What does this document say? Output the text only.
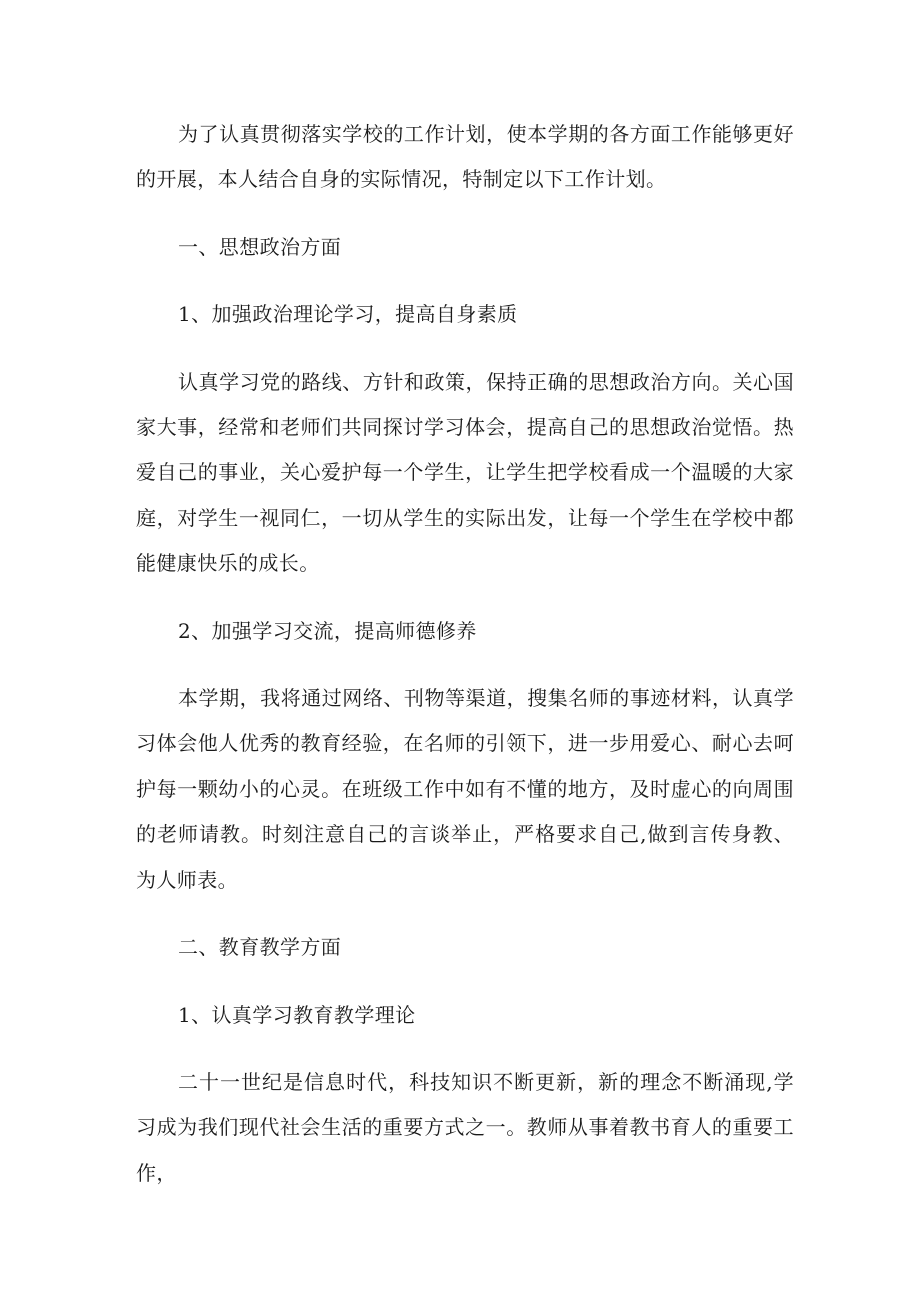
为了认真贯彻落实学校的工作计划，使本学期的各方面工作能够更好的开展，本人结合自身的实际情况，特制定以下工作计划。

一、思想政治方面

1、加强政治理论学习，提高自身素质

认真学习党的路线、方针和政策，保持正确的思想政治方向。关心国家大事，经常和老师们共同探讨学习体会，提高自己的思想政治觉悟。热爱自己的事业，关心爱护每一个学生，让学生把学校看成一个温暖的大家庭，对学生一视同仁，一切从学生的实际出发，让每一个学生在学校中都能健康快乐的成长。

2、加强学习交流，提高师德修养

本学期，我将通过网络、刊物等渠道，搜集名师的事迹材料，认真学习体会他人优秀的教育经验，在名师的引领下，进一步用爱心、耐心去呵护每一颗幼小的心灵。在班级工作中如有不懂的地方，及时虚心的向周围的老师请教。时刻注意自己的言谈举止，严格要求自己,做到言传身教、为人师表。

二、教育教学方面

1、认真学习教育教学理论

二十一世纪是信息时代，科技知识不断更新，新的理念不断涌现,学习成为我们现代社会生活的重要方式之一。教师从事着教书育人的重要工作，
